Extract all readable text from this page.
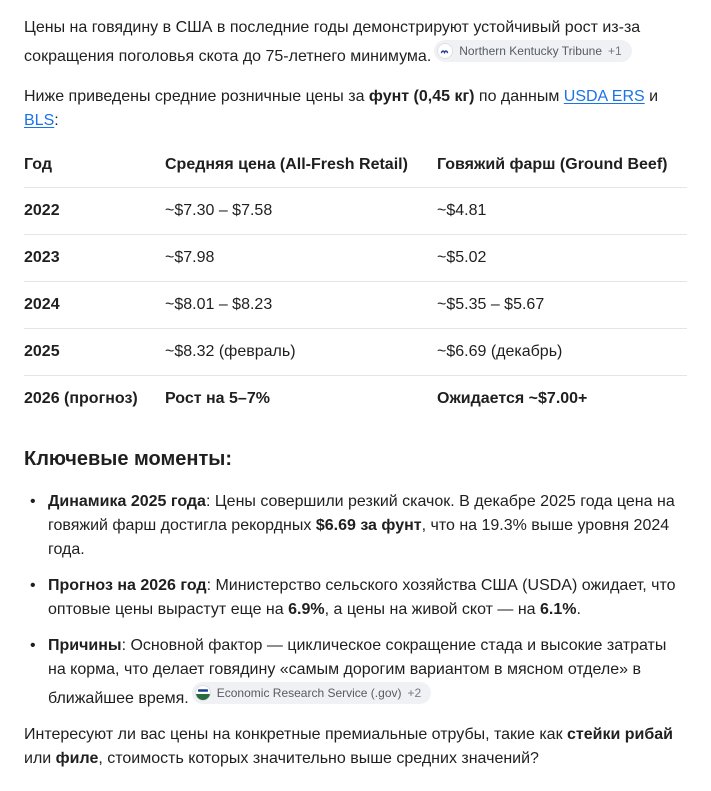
Цены на говядину в США в последние годы демонстрируют устойчивый рост из-за сокращения поголовья скота до 75-летнего минимума. Northern Kentucky Tribune +1

Ниже приведены средние розничные цены за фунт (0,45 кг) по данным USDA ERS и BLS:

Год	Средняя цена (All-Fresh Retail)	Говяжий фарш (Ground Beef)
2022	~$7.30 – $7.58	~$4.81
2023	~$7.98	~$5.02
2024	~$8.01 – $8.23	~$5.35 – $5.67
2025	~$8.32 (февраль)	~$6.69 (декабрь)
2026 (прогноз)	Рост на 5–7%	Ожидается ~$7.00+
Ключевые моменты:
• Динамика 2025 года: Цены совершили резкий скачок. В декабре 2025 года цена на говяжий фарш достигла рекордных $6.69 за фунт, что на 19.3% выше уровня 2024 года.
• Прогноз на 2026 год: Министерство сельского хозяйства США (USDA) ожидает, что оптовые цены вырастут еще на 6.9%, а цены на живой скот — на 6.1%.
• Причины: Основной фактор — циклическое сокращение стада и высокие затраты на корма, что делает говядину «самым дорогим вариантом в мясном отделе» в ближайшее время. Economic Research Service (.gov) +2

Интересуют ли вас цены на конкретные премиальные отрубы, такие как стейки рибай или филе, стоимость которых значительно выше средних значений?
